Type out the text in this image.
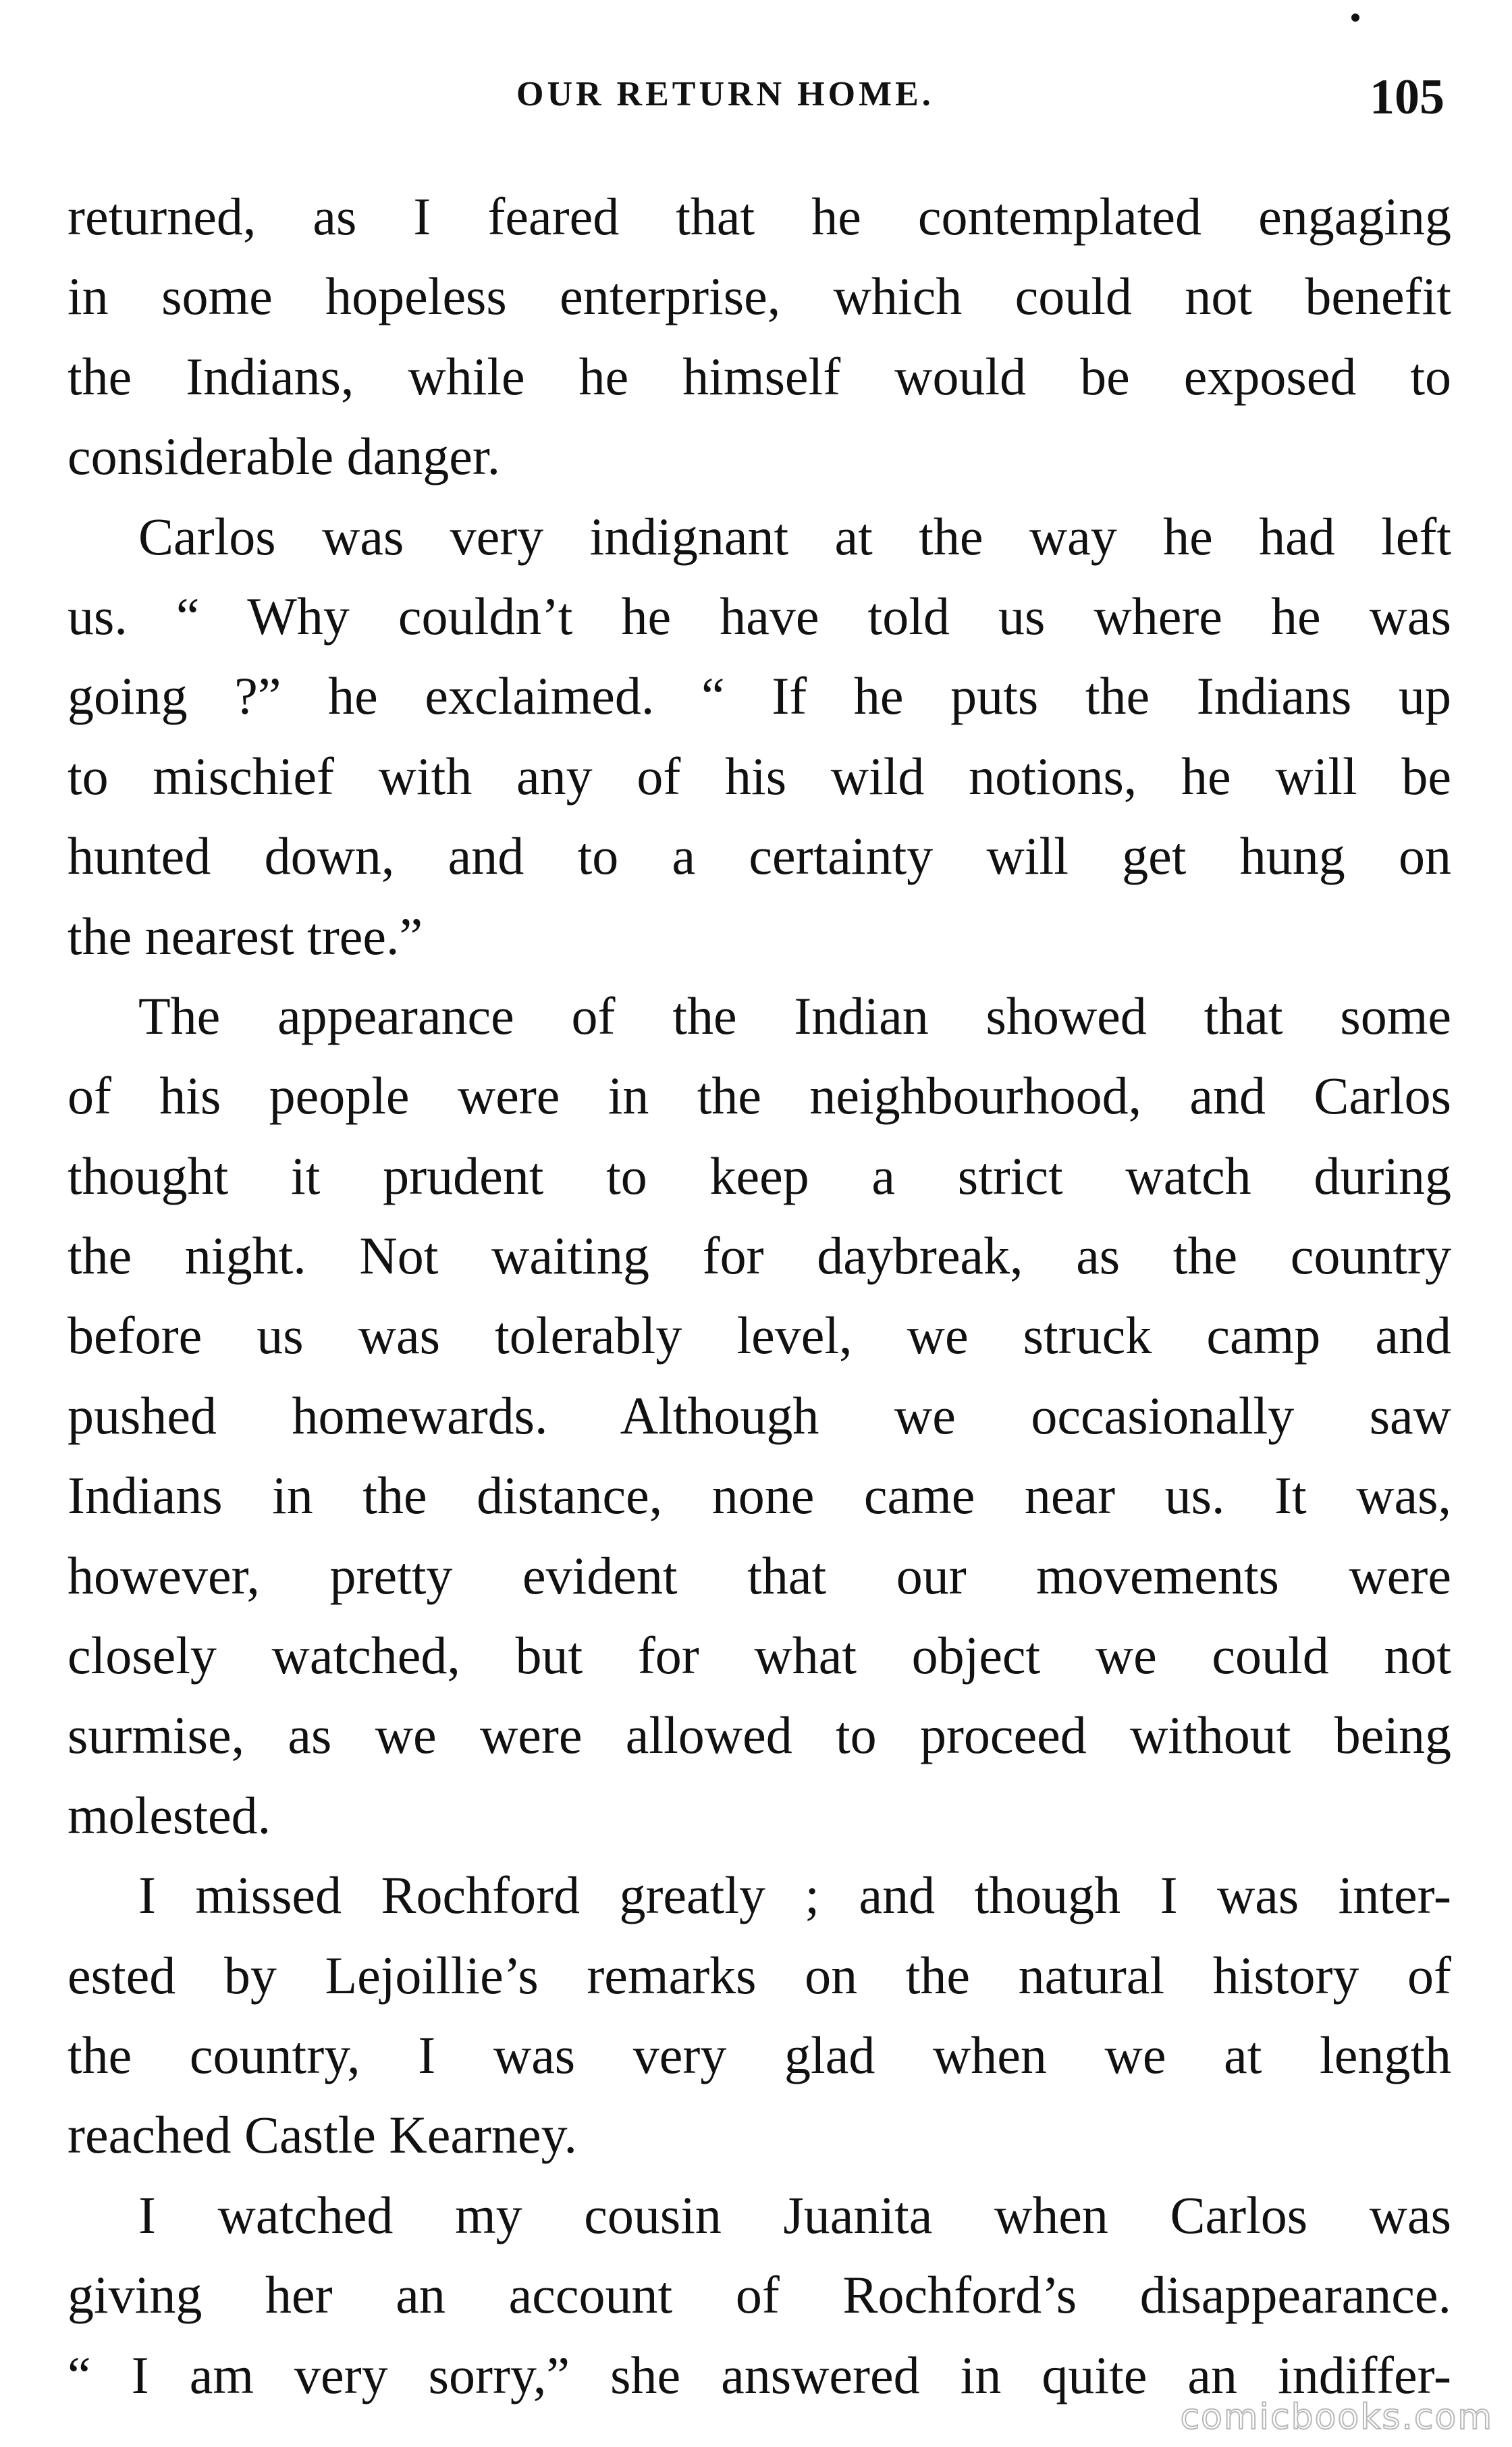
OUR RETURN HOME.	105
returned, as I feared that he contemplated engaging
in some hopeless enterprise, which could not benefit
the Indians, while he himself would be exposed to
considerable danger.
Carlos was very indignant at the way he had left
us. “ Why couldn’t he have told us where he was
going ?” he exclaimed. “ If he puts the Indians up
to mischief with any of his wild notions, he will be
hunted down, and to a certainty will get hung on
the nearest tree.”
The appearance of the Indian showed that some
of his people were in the neighbourhood, and Carlos
thought it prudent to keep a strict watch during
the night. Not waiting for daybreak, as the country
before us was tolerably level, we struck camp and
pushed homewards. Although we occasionally saw
Indians in the distance, none came near us. It was,
however, pretty evident that our movements were
closely watched, but for what object we could not
surmise, as we were allowed to proceed without being
molested.
I missed Rochford greatly ; and though I was inter-
ested by Lejoillie’s remarks on the natural history of
the country, I was very glad when we at length
reached Castle Kearney.
I watched my cousin Juanita when Carlos was
giving her an account of Rochford’s disappearance.
“ I am very sorry,” she answered in quite an indiffer-
comicbooks.com
